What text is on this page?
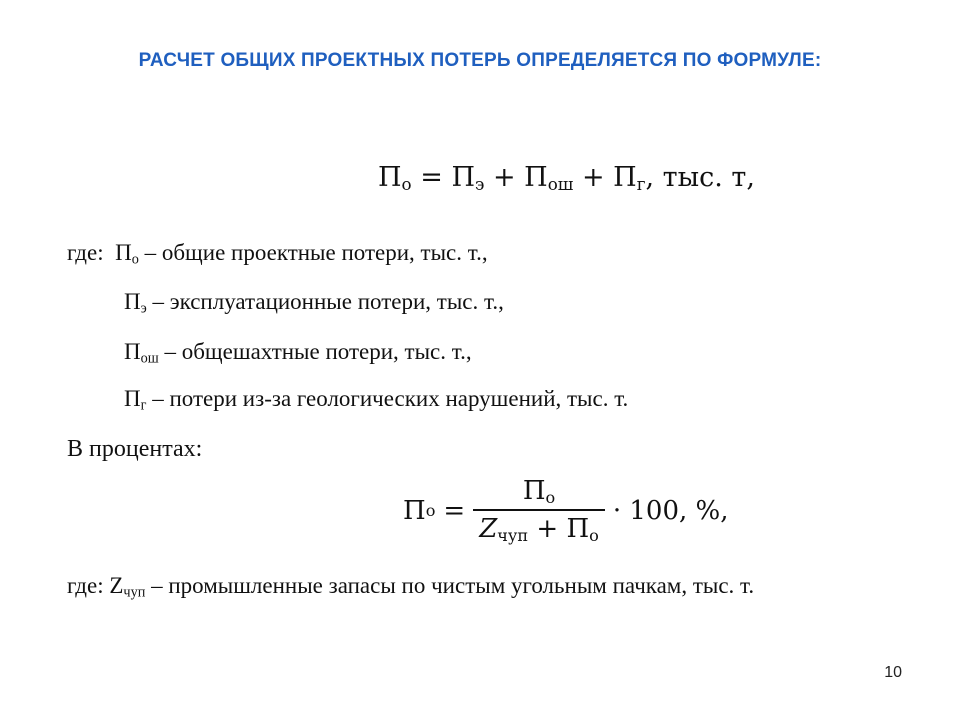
РАСЧЕТ ОБЩИХ ПРОЕКТНЫХ ПОТЕРЬ ОПРЕДЕЛЯЕТСЯ ПО ФОРМУЛЕ:
$П_о = П_э + П_{ош} + П_г$, тыс. т,
где: $П_о$ – общие проектные потери, тыс. т.,
$П_э$ – эксплуатационные потери, тыс. т.,
$П_{ош}$ – общешахтные потери, тыс. т.,
$П_г$ – потери из-за геологических нарушений, тыс. т.
В процентах:
П $о = \frac{П_о}{Z_{чуп} + П_о} \cdot 100$, %,
где: $Z_{чуп}$ – промышленные запасы по чистым угольным пачкам, тыс. т.
10
